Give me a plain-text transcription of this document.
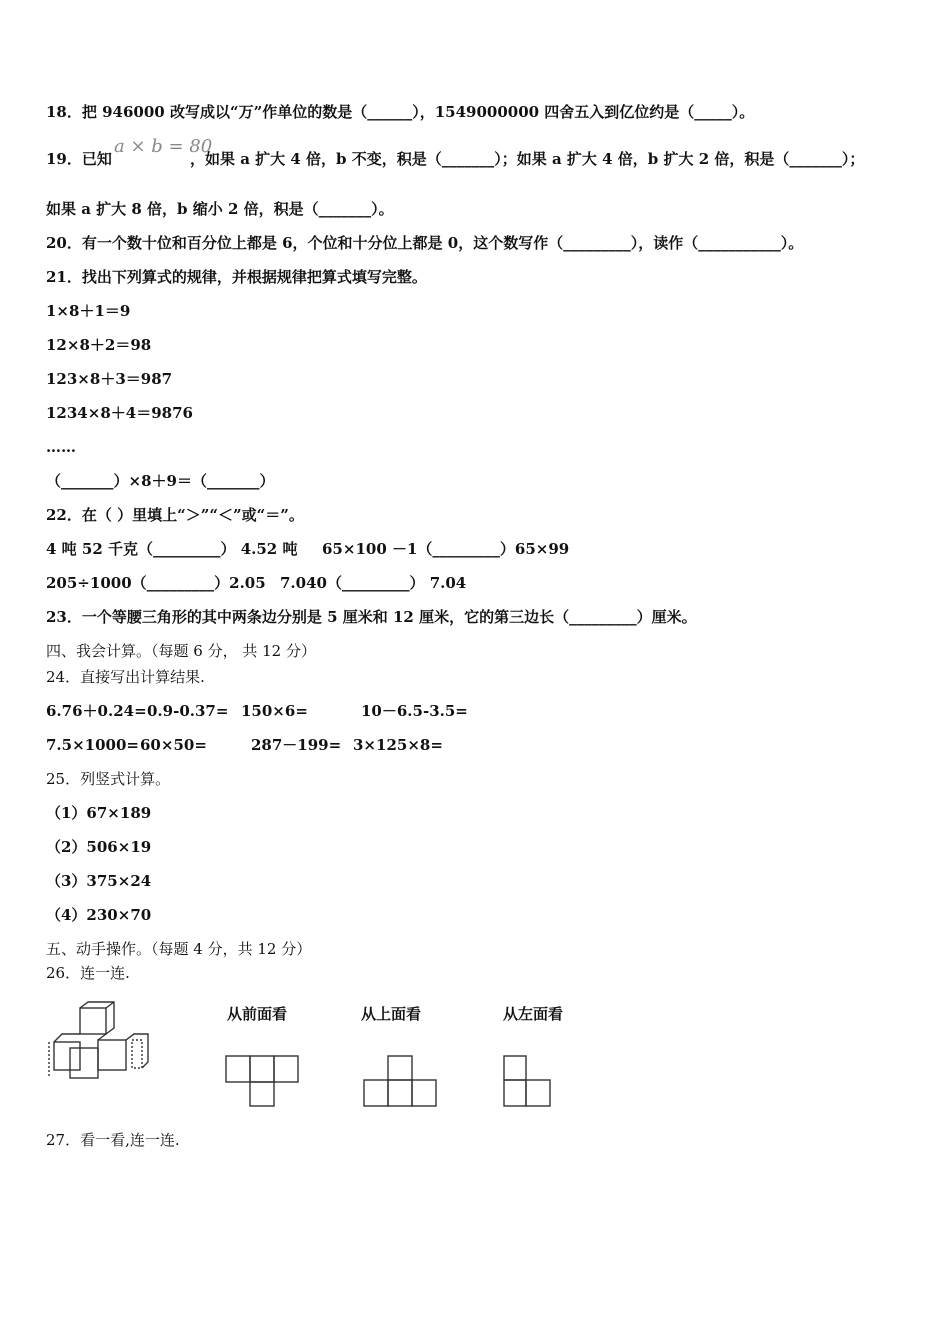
18．把 946000 改写成以“万”作单位的数是（______），1549000000 四舍五入到亿位约是（_____）。
19．已知
a × b = 80
，如果 a 扩大 4 倍，b 不变，积是（_______）；如果 a 扩大 4 倍，b 扩大 2 倍，积是（_______）；
如果 a 扩大 8 倍，b 缩小 2 倍，积是（_______）。
20．有一个数十位和百分位上都是 6，个位和十分位上都是 0，这个数写作（_________），读作（___________）。
21．找出下列算式的规律，并根据规律把算式填写完整。
1×8＋1＝9
12×8＋2＝98
123×8＋3＝987
1234×8＋4＝9876
……
（_______）×8＋9＝（_______）
22．在（ ）里填上“＞”“＜”或“＝”。
4 吨 52 千克（_________） 4.52 吨 65×100 －1（_________）65×99
205÷1000（_________）2.05 7.040（_________） 7.04
23．一个等腰三角形的其中两条边分别是 5 厘米和 12 厘米，它的第三边长（_________）厘米。
四、我会计算。（每题 6 分， 共 12 分）
24．直接写出计算结果.
6.76＋0.24= 0.9-0.37= 150×6=	10－6.5-3.5=
7.5×1000= 60×50=	287－199= 3×125×8=
25．列竖式计算。
（1）67×189
（2）506×19
（3）375×24
（4）230×70
五、动手操作。（每题 4 分，共 12 分）
26．连一连.
从前面看	从上面看	从左面看
27．看一看,连一连.
